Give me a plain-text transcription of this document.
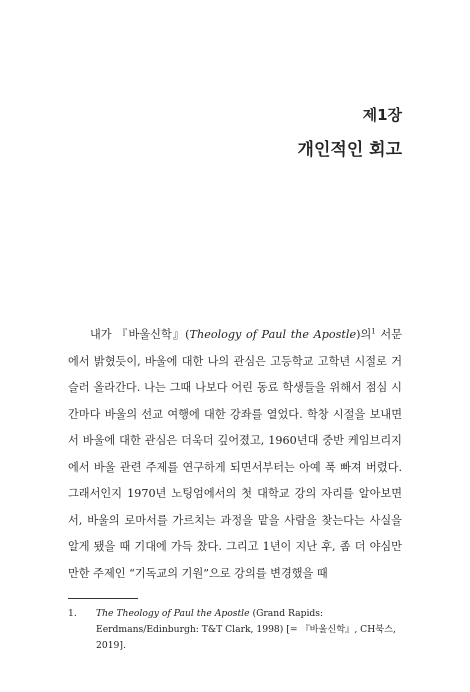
제1장
개인적인 회고

내가 『바울신학』(Theology of Paul the Apostle)의$^1$ 서문에서 밝혔듯이, 바울에 대한 나의 관심은 고등학교 고학년 시절로 거슬러 올라간다. 나는 그때 나보다 어린 동료 학생들을 위해서 점심 시간마다 바울의 선교 여행에 대한 강좌를 열었다. 학창 시절을 보내면서 바울에 대한 관심은 더욱더 깊어졌고, 1960년대 중반 케임브리지에서 바울 관련 주제를 연구하게 되면서부터는 아예 푹 빠져 버렸다. 그래서인지 1970년 노팅엄에서의 첫 대학교 강의 자리를 알아보면서, 바울의 로마서를 가르치는 과정을 맡을 사람을 찾는다는 사실을 알게 됐을 때 기대에 가득 찼다. 그리고 1년이 지난 후, 좀 더 야심만만한 주제인 “기독교의 기원”으로 강의를 변경했을 때

1.	The Theology of Paul the Apostle (Grand Rapids: Eerdmans/Edinburgh: T&T Clark, 1998) [= 『바울신학』, CH북스, 2019].
